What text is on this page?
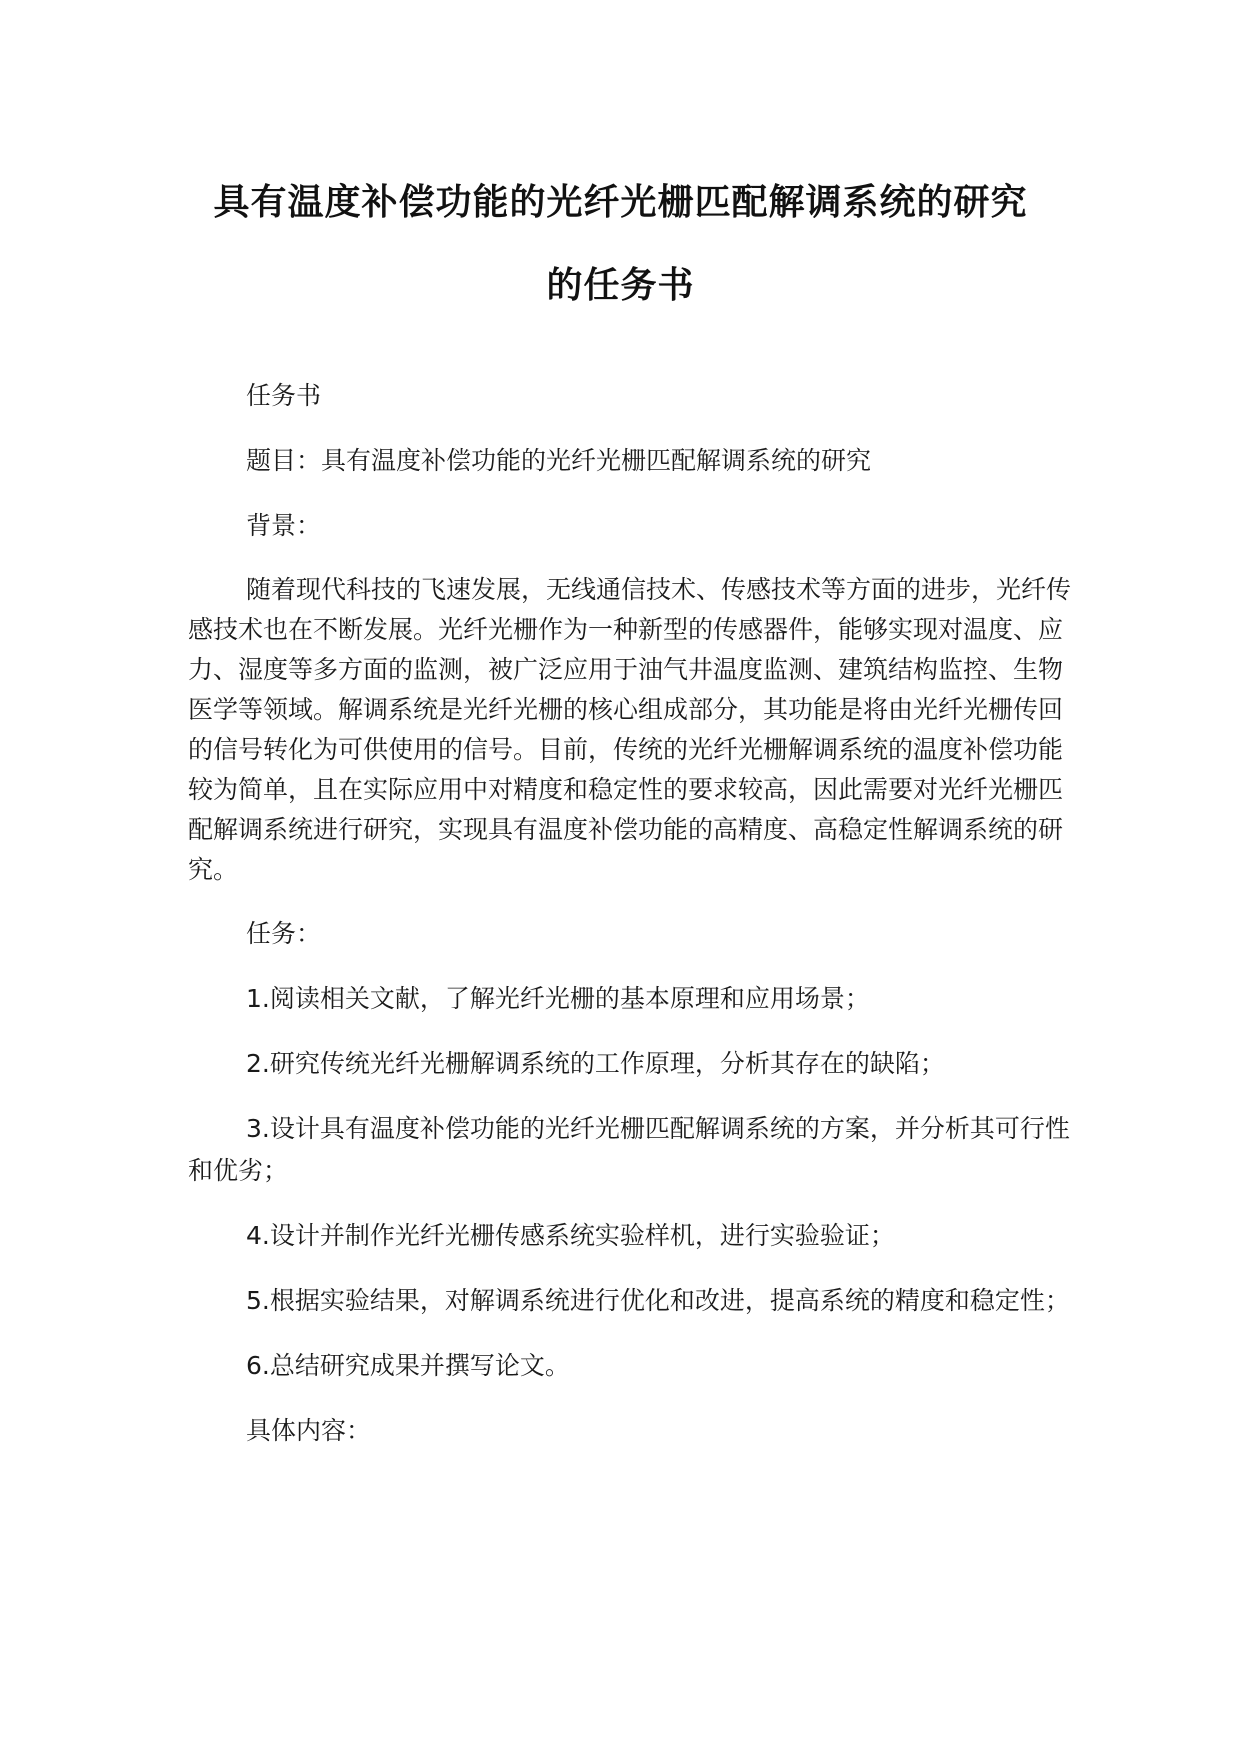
具有温度补偿功能的光纤光栅匹配解调系统的研究
的任务书

任务书

题目：具有温度补偿功能的光纤光栅匹配解调系统的研究

背景：

随着现代科技的飞速发展，无线通信技术、传感技术等方面的进步，光纤传感技术也在不断发展。光纤光栅作为一种新型的传感器件，能够实现对温度、应力、湿度等多方面的监测，被广泛应用于油气井温度监测、建筑结构监控、生物医学等领域。解调系统是光纤光栅的核心组成部分，其功能是将由光纤光栅传回的信号转化为可供使用的信号。目前，传统的光纤光栅解调系统的温度补偿功能较为简单，且在实际应用中对精度和稳定性的要求较高，因此需要对光纤光栅匹配解调系统进行研究，实现具有温度补偿功能的高精度、高稳定性解调系统的研究。

任务：

1.阅读相关文献，了解光纤光栅的基本原理和应用场景；

2.研究传统光纤光栅解调系统的工作原理，分析其存在的缺陷；

3.设计具有温度补偿功能的光纤光栅匹配解调系统的方案，并分析其可行性和优劣；

4.设计并制作光纤光栅传感系统实验样机，进行实验验证；

5.根据实验结果，对解调系统进行优化和改进，提高系统的精度和稳定性；

6.总结研究成果并撰写论文。

具体内容：
